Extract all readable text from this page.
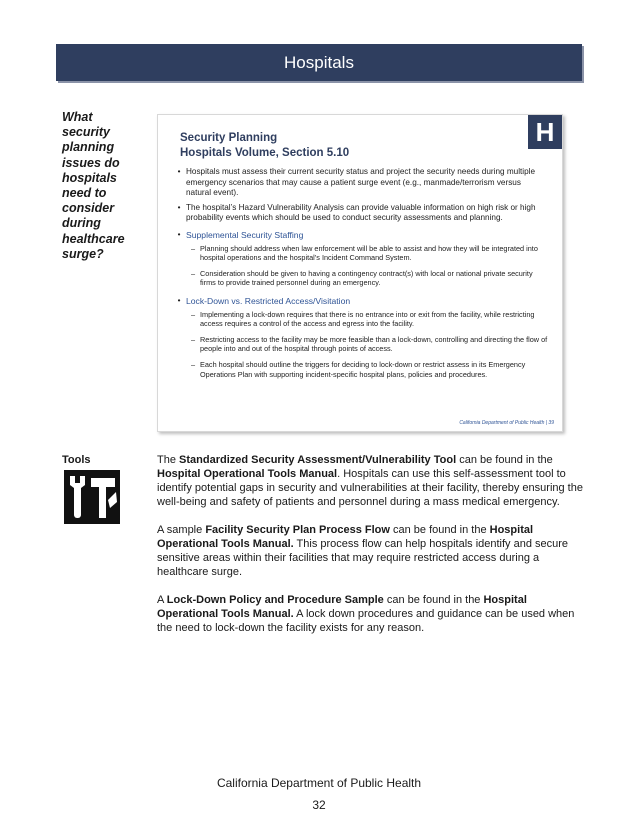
Hospitals
What security planning issues do hospitals need to consider during healthcare surge?
H
Security Planning
Hospitals Volume, Section 5.10
• Hospitals must assess their current security status and project the security needs during multiple emergency scenarios that may cause a patient surge event (e.g., manmade/terrorism versus natural event).
• The hospital’s Hazard Vulnerability Analysis can provide valuable information on high risk or high probability events which should be used to conduct security assessments and planning.
• Supplemental Security Staffing
– Planning should address when law enforcement will be able to assist and how they will be integrated into hospital operations and the hospital’s Incident Command System.
– Consideration should be given to having a contingency contract(s) with local or national private security firms to provide trained personnel during an emergency.
• Lock-Down vs. Restricted Access/Visitation
– Implementing a lock-down requires that there is no entrance into or exit from the facility, while restricting access requires a control of the access and egress into the facility.
– Restricting access to the facility may be more feasible than a lock-down, controlling and directing the flow of people into and out of the hospital through points of access.
– Each hospital should outline the triggers for deciding to lock-down or restrict assess in its Emergency Operations Plan with supporting incident-specific hospital plans, policies and procedures.
California Department of Public Health | 39
Tools	The Standardized Security Assessment/Vulnerability Tool can be found in the Hospital Operational Tools Manual. Hospitals can use this self-assessment tool to identify potential gaps in security and vulnerabilities at their facility, thereby ensuring the well-being and safety of patients and personnel during a mass medical emergency.

A sample Facility Security Plan Process Flow can be found in the Hospital Operational Tools Manual. This process flow can help hospitals identify and secure sensitive areas within their facilities that may require restricted access during a healthcare surge.

A Lock-Down Policy and Procedure Sample can be found in the Hospital Operational Tools Manual. A lock down procedures and guidance can be used when the need to lock-down the facility exists for any reason.

California Department of Public Health
32
